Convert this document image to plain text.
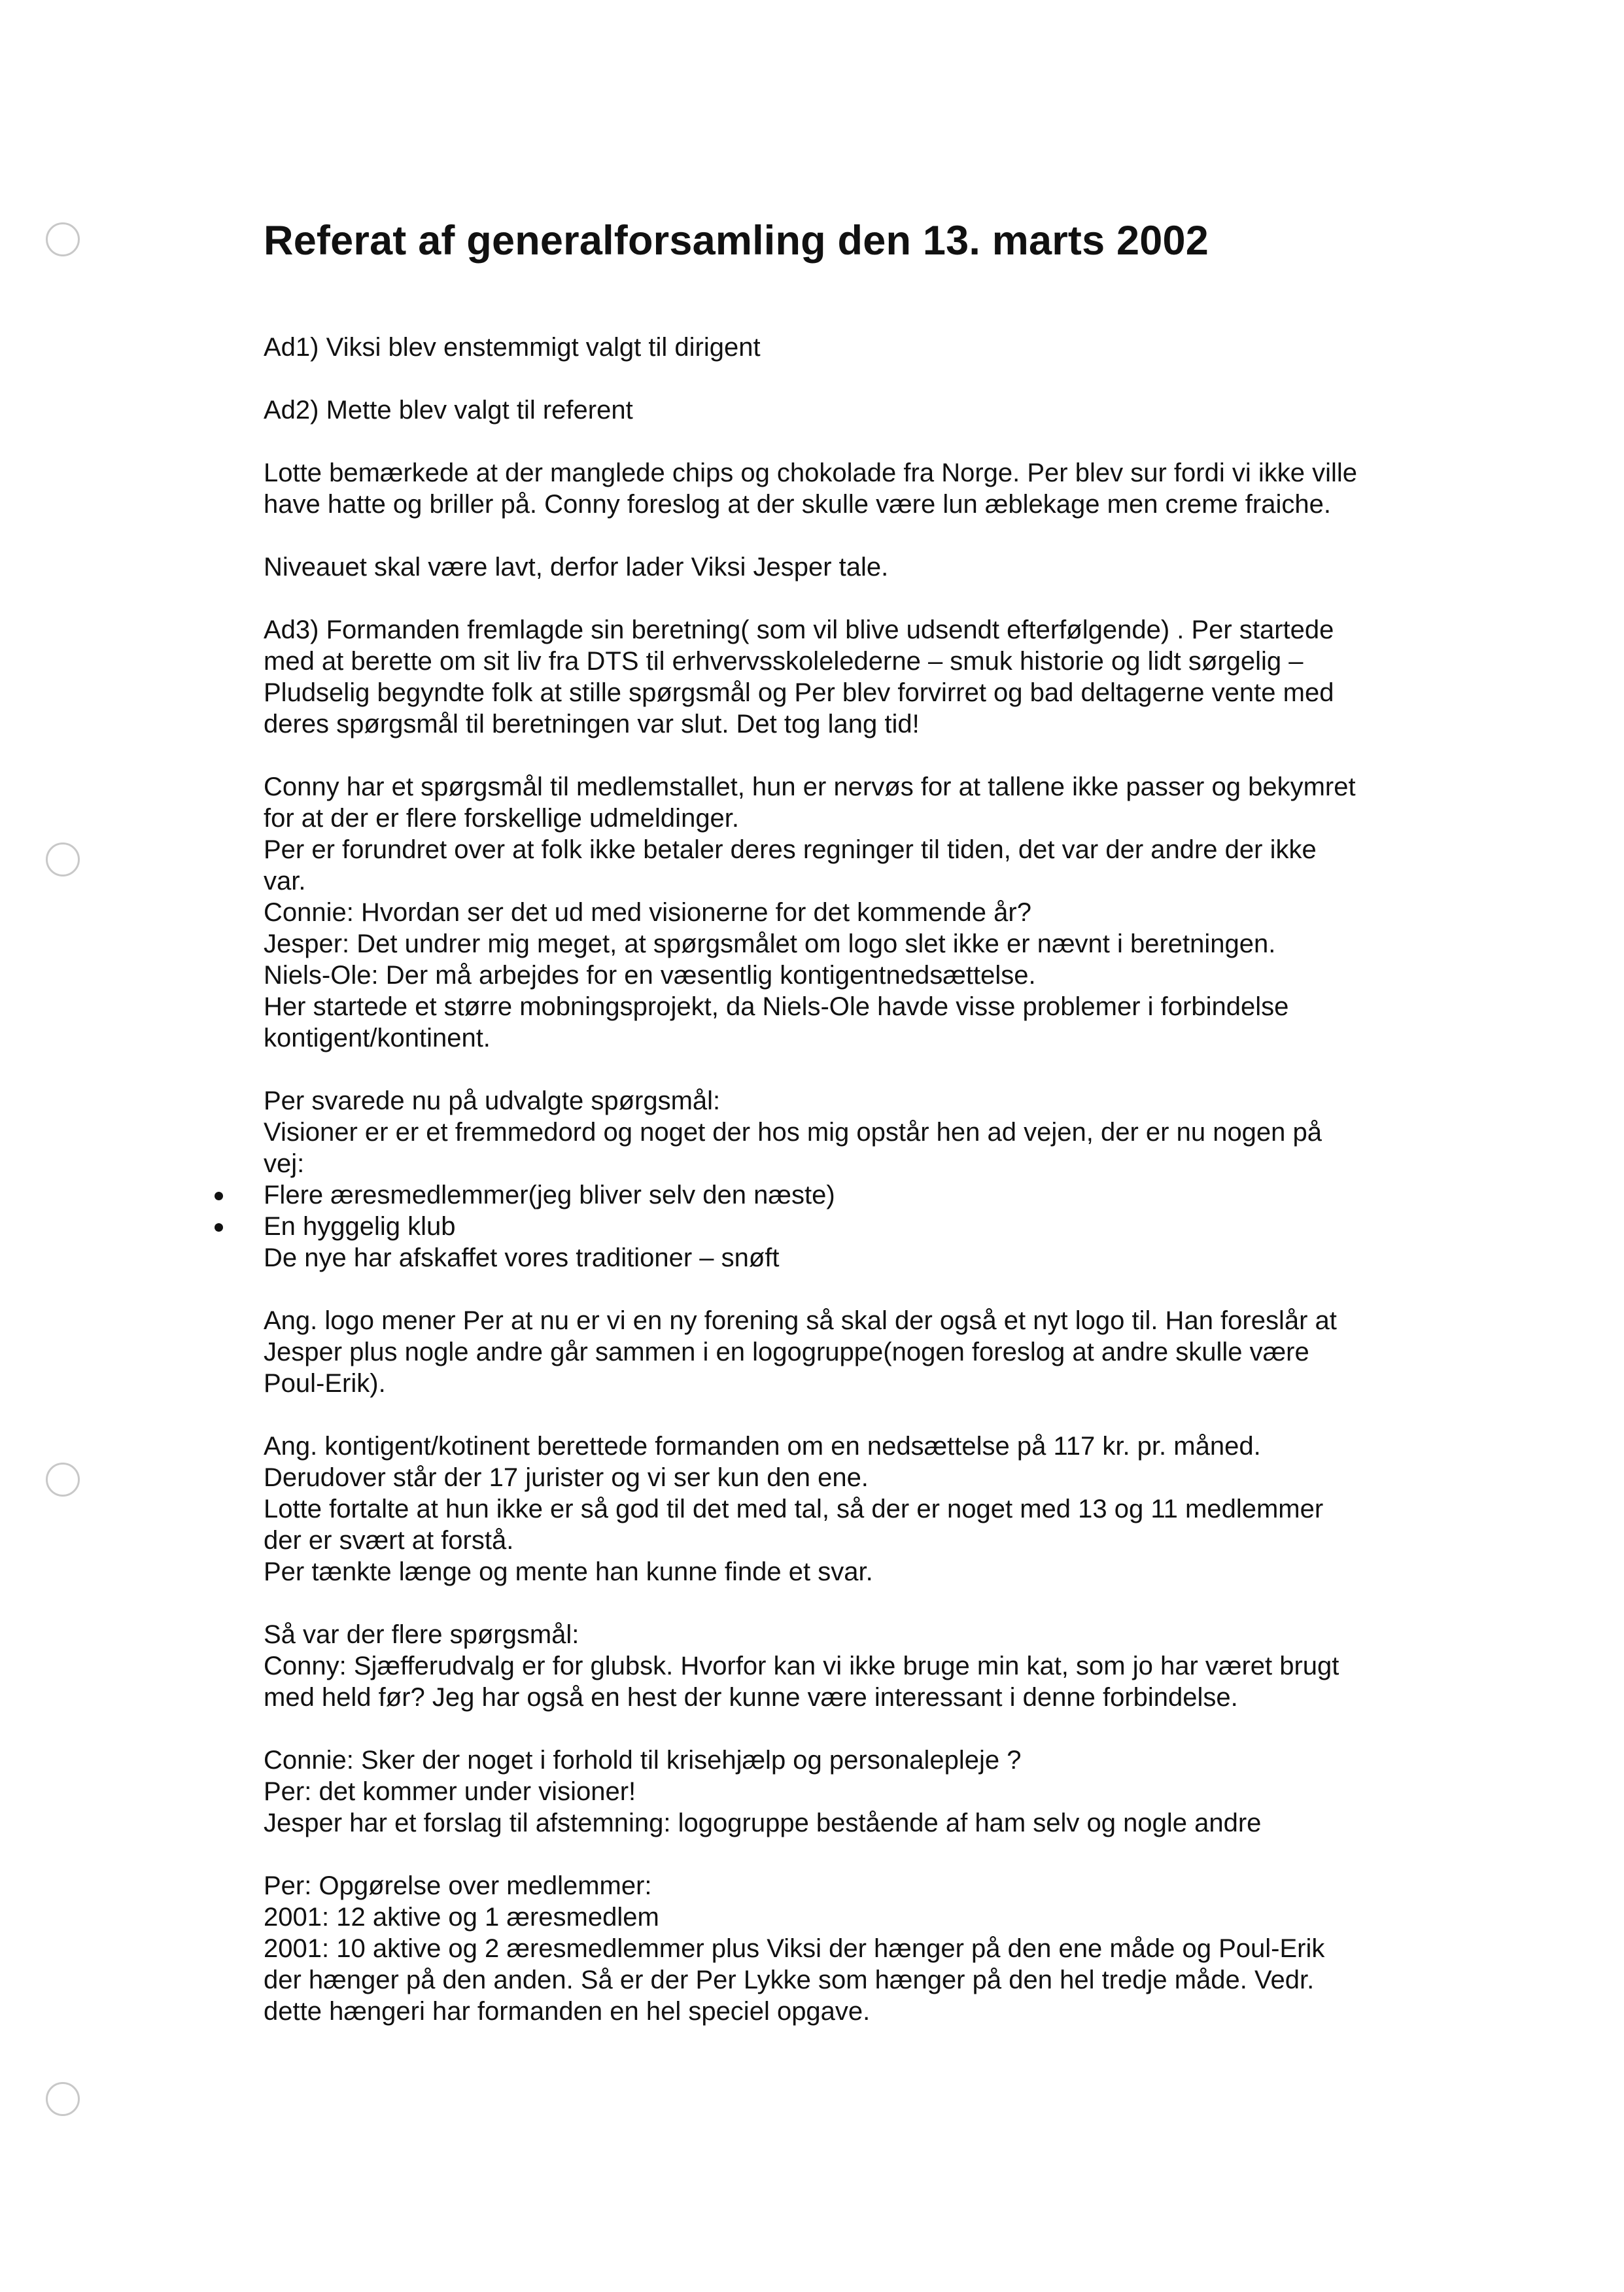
Referat af generalforsamling den 13. marts 2002
Ad1) Viksi blev enstemmigt valgt til dirigent
Ad2) Mette blev valgt til referent
Lotte bemærkede at der manglede chips og chokolade fra Norge. Per blev sur fordi vi ikke ville
have hatte og briller på. Conny foreslog at der skulle være lun æblekage men creme fraiche.
Niveauet skal være lavt, derfor lader Viksi Jesper tale.
Ad3) Formanden fremlagde sin beretning( som vil blive udsendt efterfølgende) . Per startede
med at berette om sit liv fra DTS til erhvervsskolelederne – smuk historie og lidt sørgelig –
Pludselig begyndte folk at stille spørgsmål og Per blev forvirret og bad deltagerne vente med
deres spørgsmål til beretningen var slut. Det tog lang tid!
Conny har et spørgsmål til medlemstallet, hun er nervøs for at tallene ikke passer og bekymret
for at der er flere forskellige udmeldinger.
Per er forundret over at folk ikke betaler deres regninger til tiden, det var der andre der ikke
var.
Connie: Hvordan ser det ud med visionerne for det kommende år?
Jesper: Det undrer mig meget, at spørgsmålet om logo slet ikke er nævnt i beretningen.
Niels-Ole: Der må arbejdes for en væsentlig kontigentnedsættelse.
Her startede et større mobningsprojekt, da Niels-Ole havde visse problemer i forbindelse
kontigent/kontinent.
Per svarede nu på udvalgte spørgsmål:
Visioner er er et fremmedord og noget der hos mig opstår hen ad vejen, der er nu nogen på
vej:
Flere æresmedlemmer(jeg bliver selv den næste)
En hyggelig klub
De nye har afskaffet vores traditioner – snøft
Ang. logo mener Per at nu er vi en ny forening så skal der også et nyt logo til. Han foreslår at
Jesper plus nogle andre går sammen i en logogruppe(nogen foreslog at andre skulle være
Poul-Erik).
Ang. kontigent/kotinent berettede formanden om en nedsættelse på 117 kr. pr. måned.
Derudover står der 17 jurister og vi ser kun den ene.
Lotte fortalte at hun ikke er så god til det med tal, så der er noget med 13 og 11 medlemmer
der er svært at forstå.
Per tænkte længe og mente han kunne finde et svar.
Så var der flere spørgsmål:
Conny: Sjæfferudvalg er for glubsk. Hvorfor kan vi ikke bruge min kat, som jo har været brugt
med held før? Jeg har også en hest der kunne være interessant i denne forbindelse.
Connie: Sker der noget i forhold til krisehjælp og personalepleje ?
Per: det kommer under visioner!
Jesper har et forslag til afstemning: logogruppe bestående af ham selv og nogle andre
Per: Opgørelse over medlemmer:
2001: 12 aktive og 1 æresmedlem
2001: 10 aktive og 2 æresmedlemmer plus Viksi der hænger på den ene måde og Poul-Erik
der hænger på den anden. Så er der Per Lykke som hænger på den hel tredje måde. Vedr.
dette hængeri har formanden en hel speciel opgave.
